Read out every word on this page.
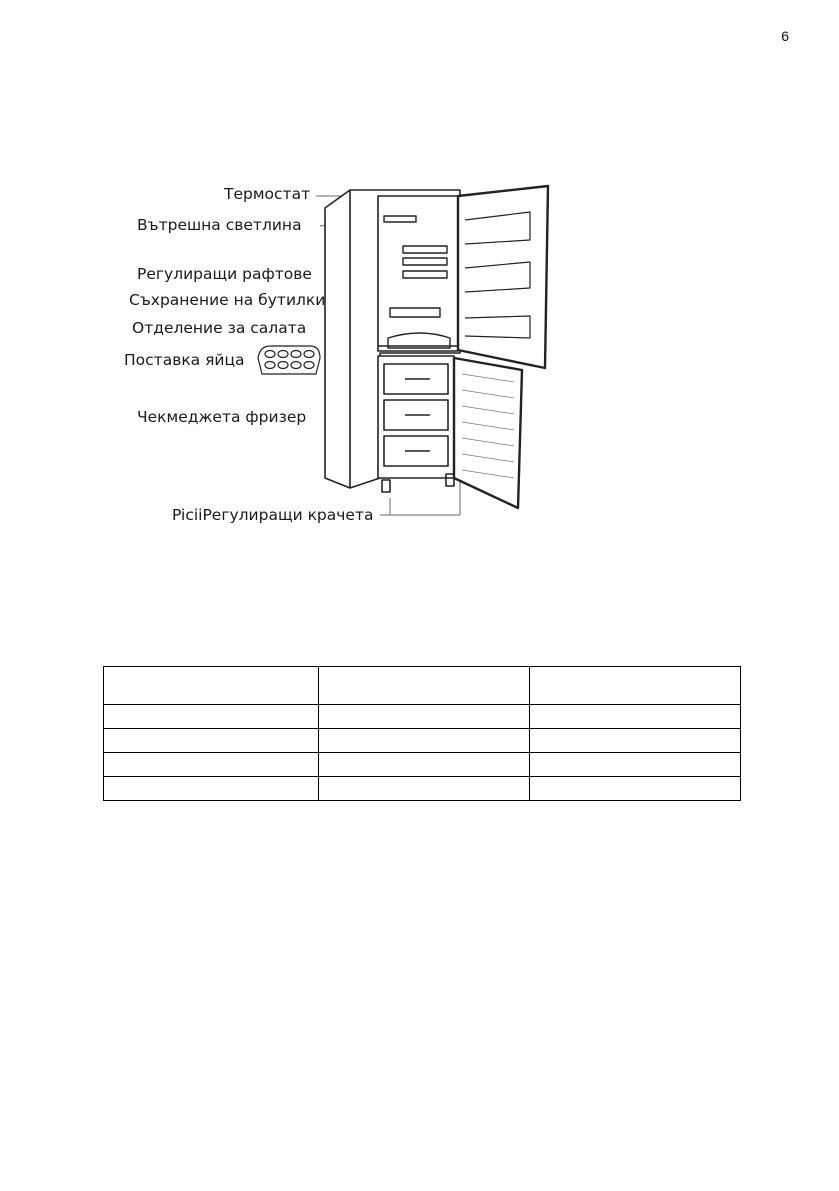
6
Термостат
Вътрешна светлина
Регулиращи рафтове
Съхранение на бутилки
Отделение за салата
Поставка яйца
Чекмеджета фризер
PiciiРегулиращи крачета
